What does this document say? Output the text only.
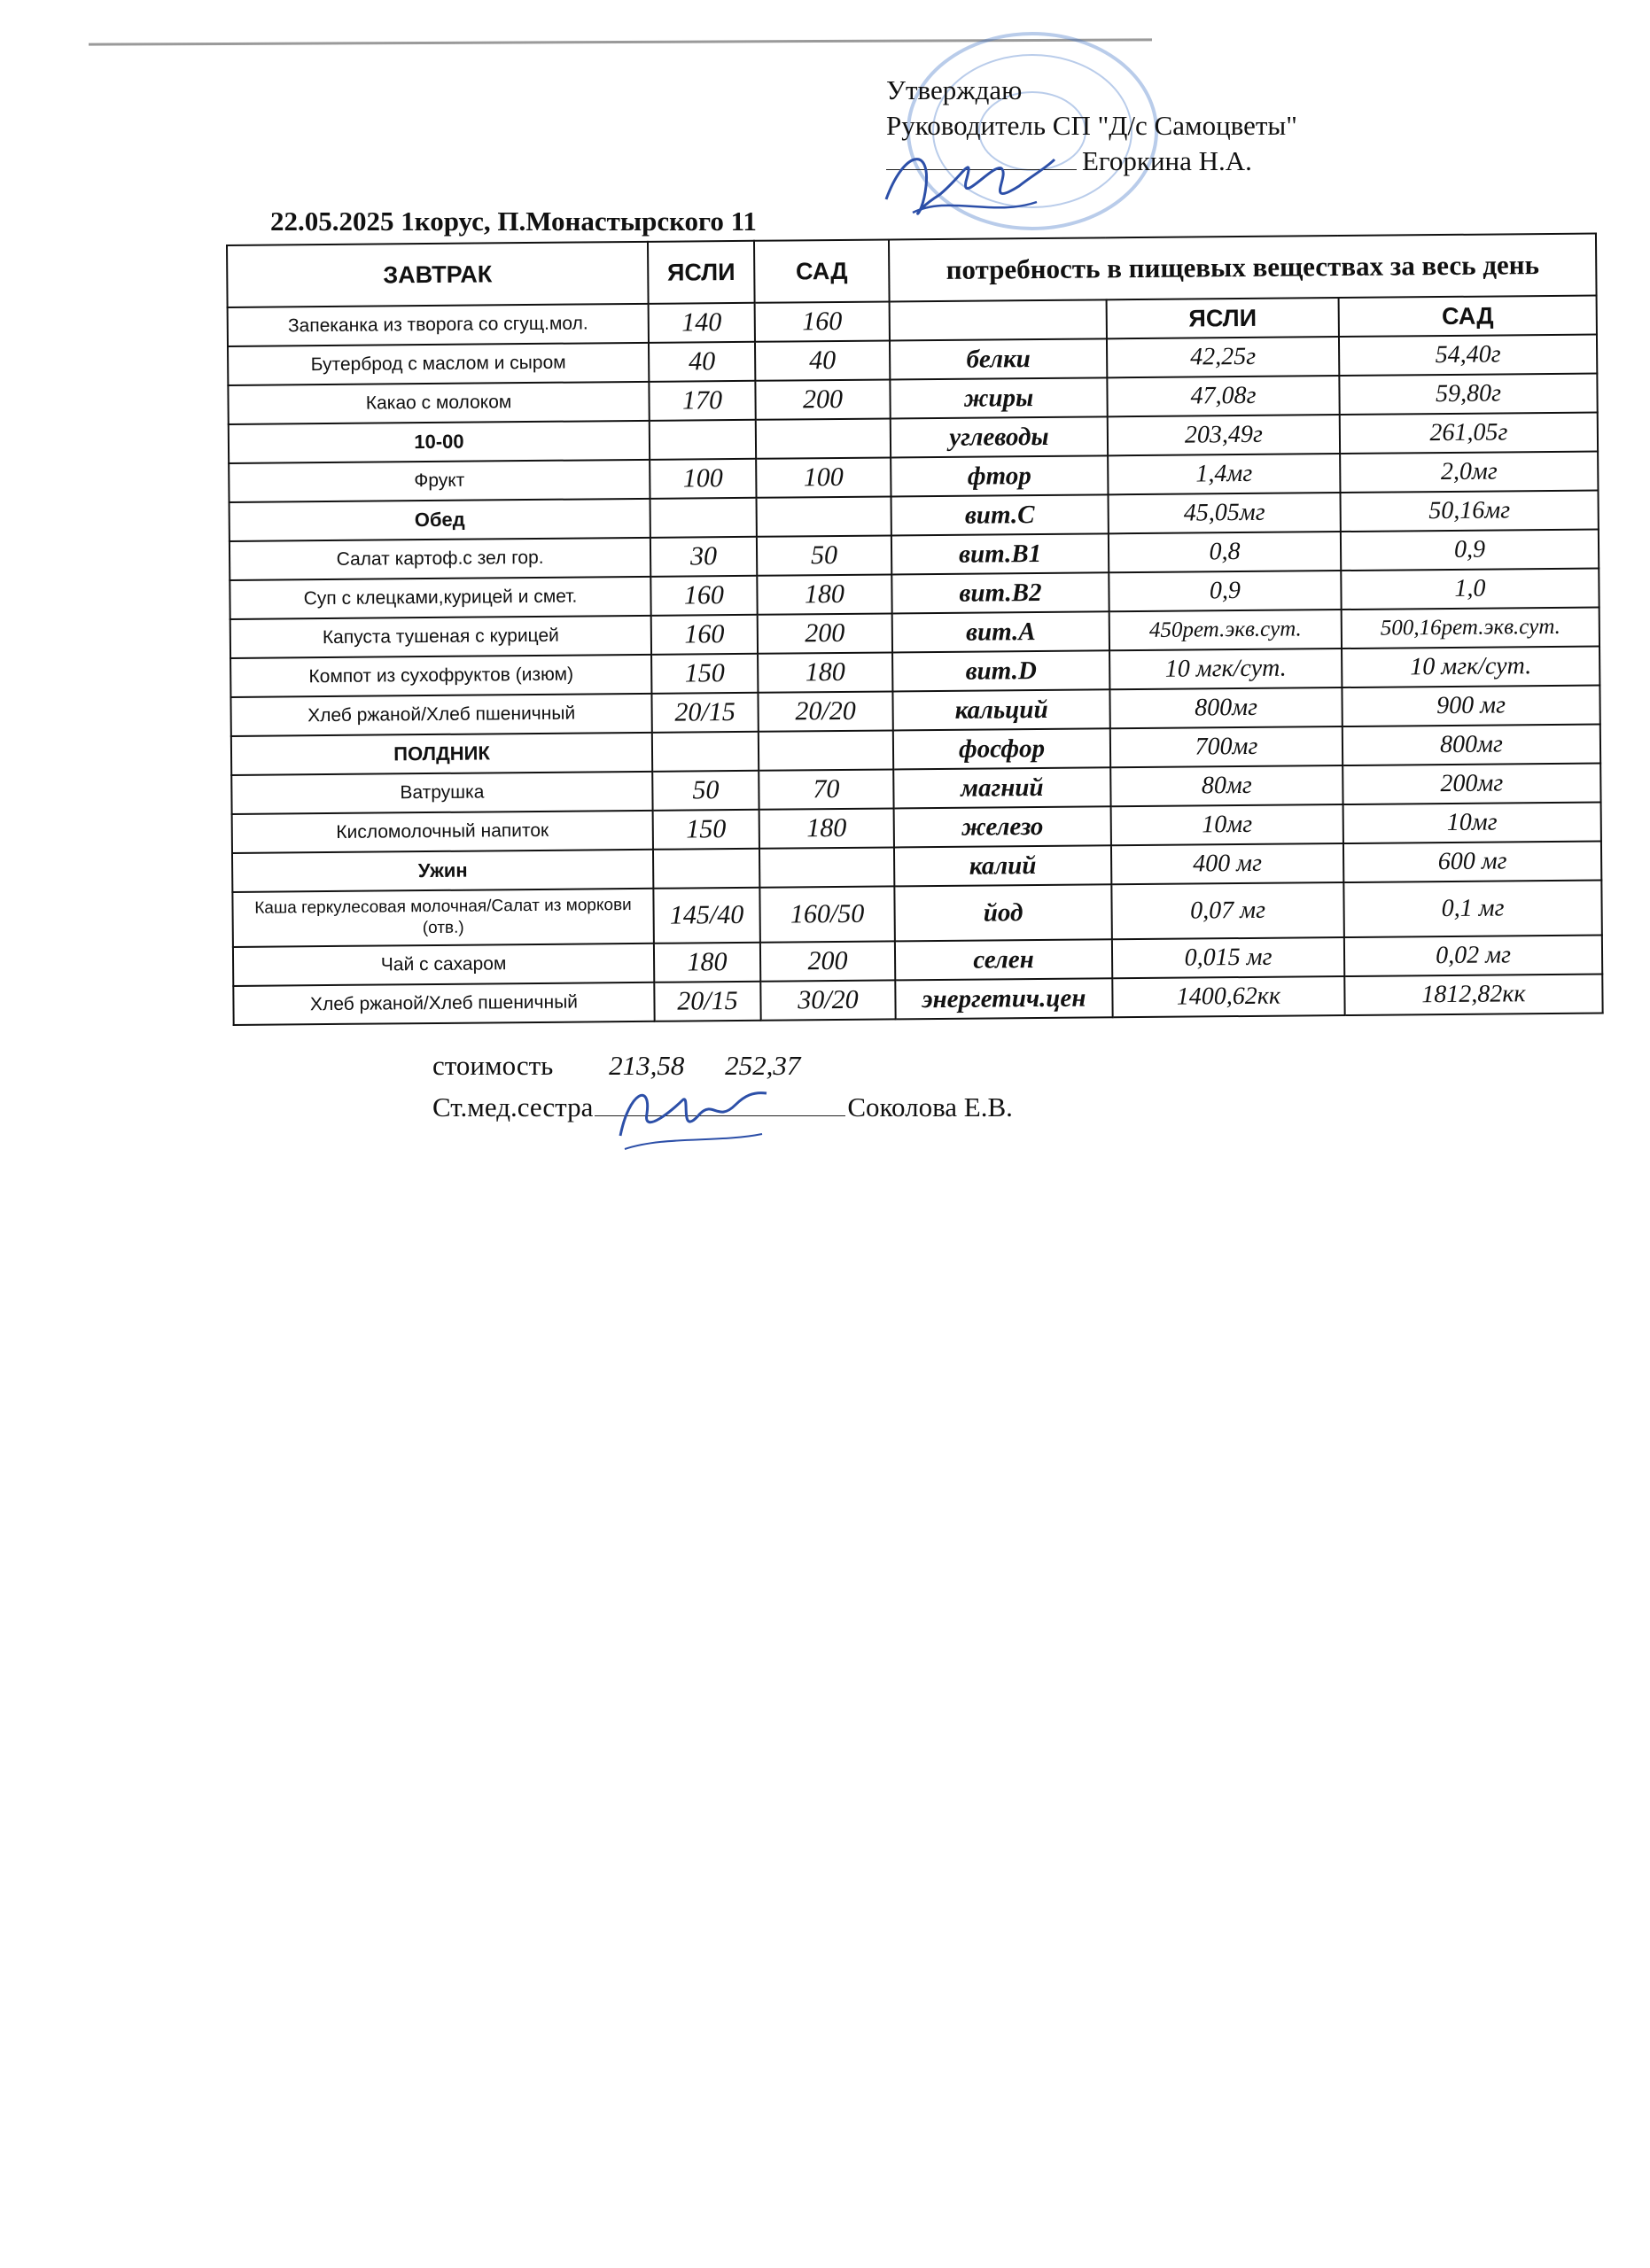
Утверждаю
Руководитель СП "Д/с Самоцветы"
Егоркина Н.А.
22.05.2025 1корус, П.Монастырского 11
ЗАВТРАК	ЯСЛИ	САД	потребность в пищевых веществах за весь день		
Запеканка из творога со сгущ.мол.	140	160		ЯСЛИ	САД
Бутерброд с маслом и сыром	40	40	белки	42,25г	54,40г
Какао с молоком	170	200	жиры	47,08г	59,80г
10-00			углеводы	203,49г	261,05г
Фрукт	100	100	фтор	1,4мг	2,0мг
Обед			вит.С	45,05мг	50,16мг
Салат картоф.с зел гор.	30	50	вит.В1	0,8	0,9
Суп с клецками,курицей и смет.	160	180	вит.В2	0,9	1,0
Капуста тушеная с курицей	160	200	вит.А	450рет.экв.сут.	500,16рет.экв.сут.
Компот из сухофруктов (изюм)	150	180	вит.D	10 мгк/сут.	10 мгк/сут.
Хлеб ржаной/Хлеб пшеничный	20/15	20/20	кальций	800мг	900 мг
ПОЛДНИК			фосфор	700мг	800мг
Ватрушка	50	70	магний	80мг	200мг
Кисломолочный напиток	150	180	железо	10мг	10мг
Ужин			калий	400 мг	600 мг
Каша геркулесовая молочная/Салат из моркови (отв.)	145/40	160/50	йод	0,07 мг	0,1 мг
Чай с сахаром	180	200	селен	0,015 мг	0,02 мг
Хлеб ржаной/Хлеб пшеничный	20/15	30/20	энергетич.цен	1400,62кк	1812,82кк
стоимость 213,58 252,37
Ст.мед.сестра	Соколова Е.В.
